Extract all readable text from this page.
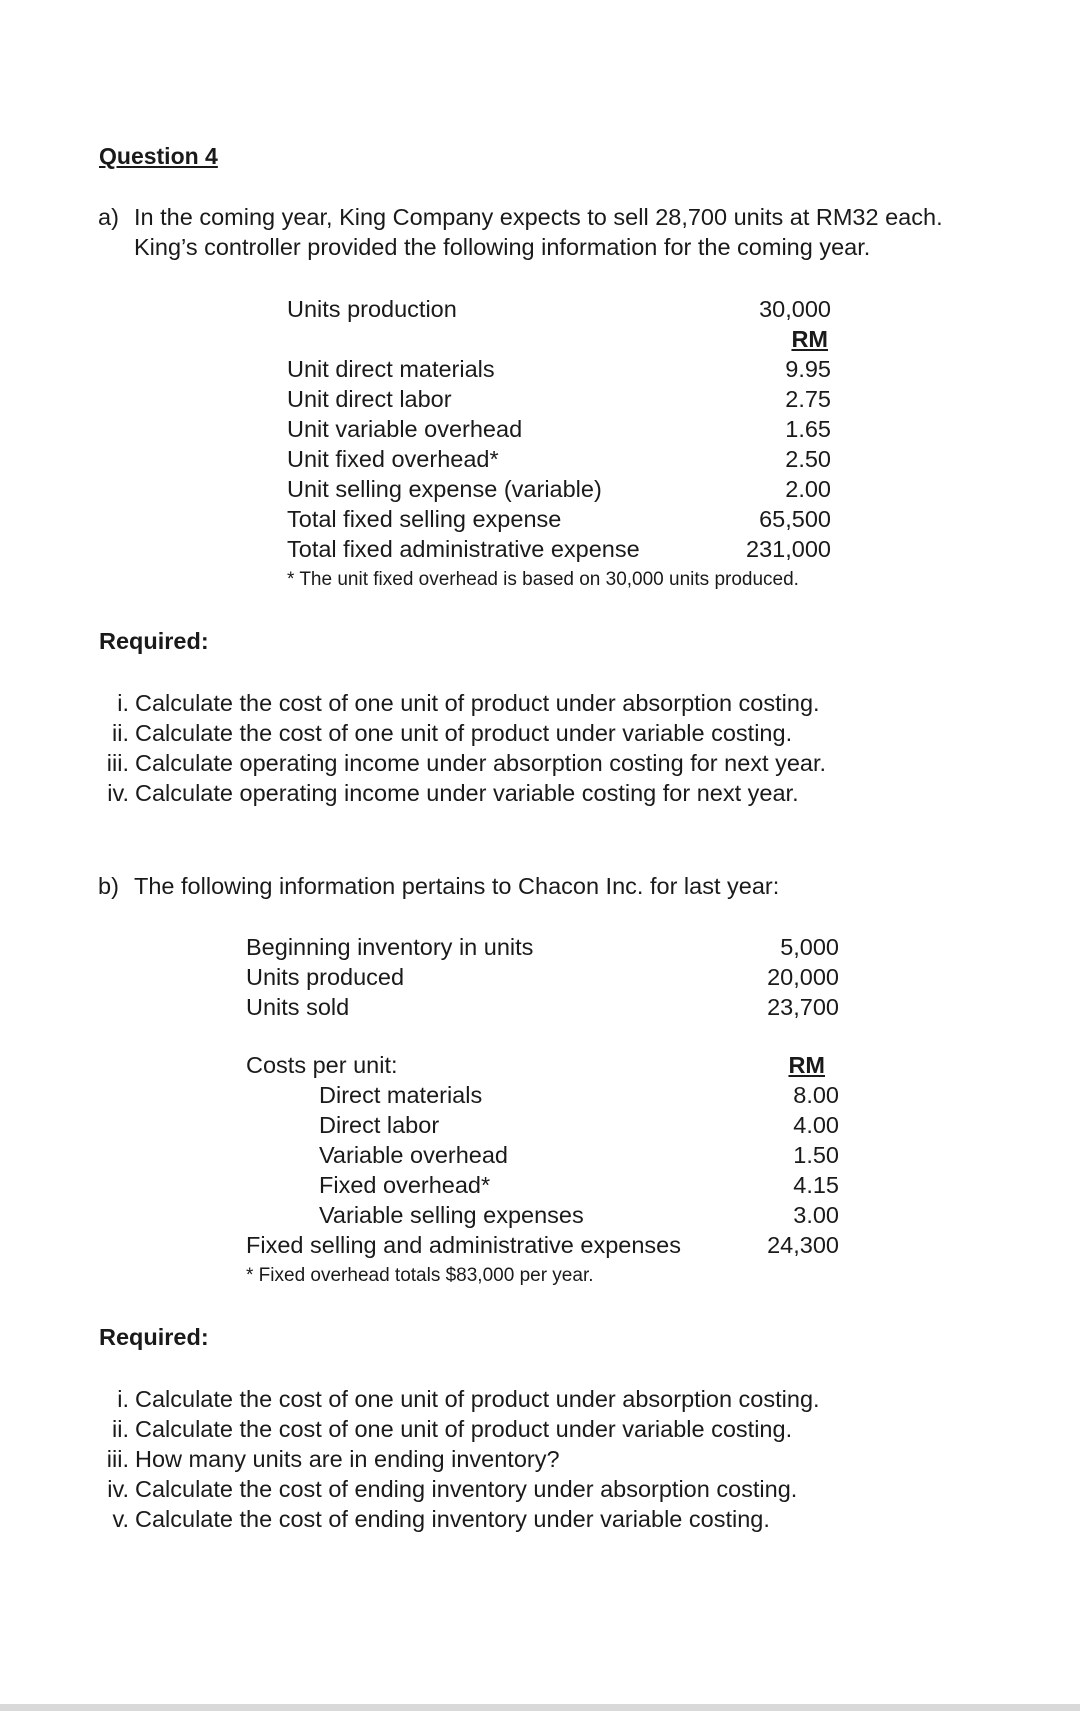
Question 4
a) In the coming year, King Company expects to sell 28,700 units at RM32 each.
King’s controller provided the following information for the coming year.
Units production	30,000
RM
Unit direct materials	9.95
Unit direct labor	2.75
Unit variable overhead	1.65
Unit fixed overhead*	2.50
Unit selling expense (variable)	2.00
Total fixed selling expense	65,500
Total fixed administrative expense	231,000
* The unit fixed overhead is based on 30,000 units produced.
Required:
i. Calculate the cost of one unit of product under absorption costing.
ii. Calculate the cost of one unit of product under variable costing.
iii. Calculate operating income under absorption costing for next year.
iv. Calculate operating income under variable costing for next year.
b) The following information pertains to Chacon Inc. for last year:
Beginning inventory in units	5,000
Units produced	20,000
Units sold	23,700
Costs per unit:	RM
Direct materials	8.00
Direct labor	4.00
Variable overhead	1.50
Fixed overhead*	4.15
Variable selling expenses	3.00
Fixed selling and administrative expenses	24,300
* Fixed overhead totals $83,000 per year.
Required:
i. Calculate the cost of one unit of product under absorption costing.
ii. Calculate the cost of one unit of product under variable costing.
iii. How many units are in ending inventory?
iv. Calculate the cost of ending inventory under absorption costing.
v. Calculate the cost of ending inventory under variable costing.
